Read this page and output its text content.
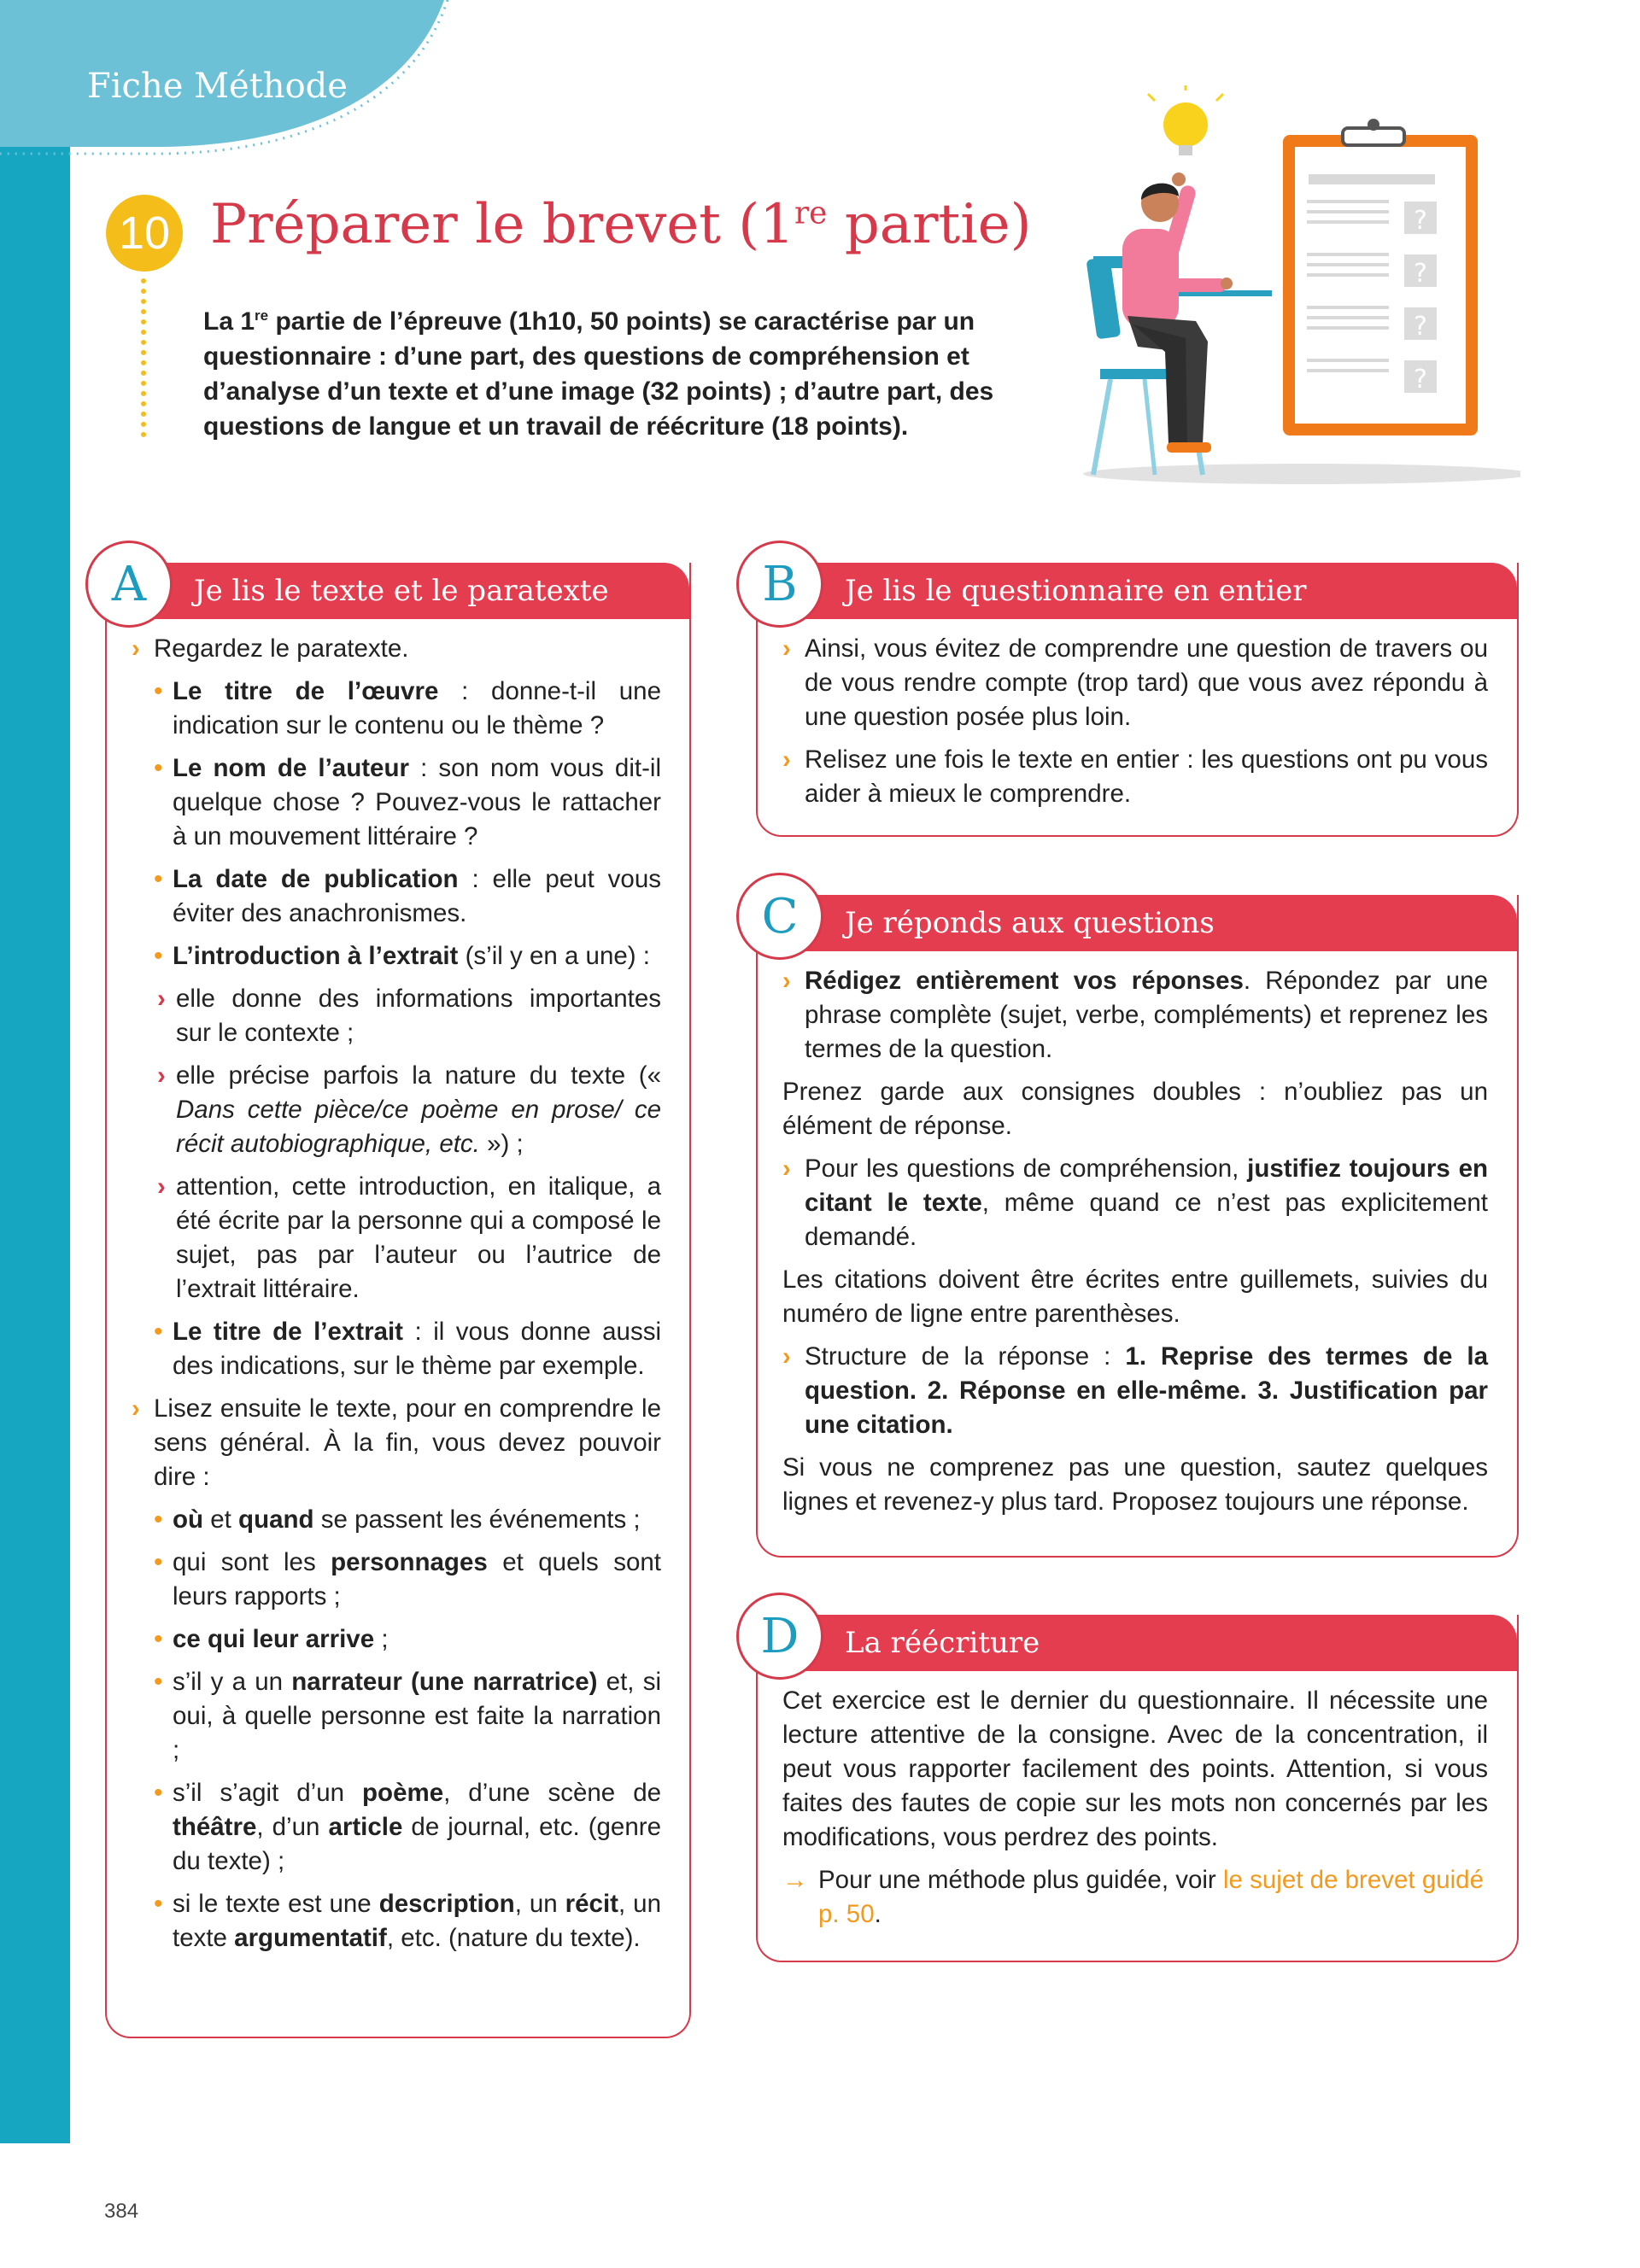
Fiche Méthode
10 Préparer le brevet (1re partie)
La 1re partie de l’épreuve (1h10, 50 points) se caractérise par un questionnaire : d’une part, des questions de compréhension et d’analyse d’un texte et d’une image (32 points) ; d’autre part, des questions de langue et un travail de réécriture (18 points).
?
?
?
?
Je lis le texte et le paratexte
A
› Regardez le paratexte.
• Le titre de l’œuvre : donne-t-il une indication sur le contenu ou le thème ?
• Le nom de l’auteur : son nom vous dit-il quelque chose ? Pouvez-vous le rattacher à un mouvement littéraire ?
• La date de publication : elle peut vous éviter des anachronismes.
• L’introduction à l’extrait (s’il y en a une) :
› elle donne des informations importantes sur le contexte ;
› elle précise parfois la nature du texte (« Dans cette pièce/ce poème en prose/ ce récit autobiographique, etc. ») ;
› attention, cette introduction, en italique, a été écrite par la personne qui a composé le sujet, pas par l’auteur ou l’autrice de l’extrait littéraire.
• Le titre de l’extrait : il vous donne aussi des indications, sur le thème par exemple.
› Lisez ensuite le texte, pour en comprendre le sens général. À la fin, vous devez pouvoir dire :
• où et quand se passent les événements ;
• qui sont les personnages et quels sont leurs rapports ;
• ce qui leur arrive ;
• s’il y a un narrateur (une narratrice) et, si oui, à quelle personne est faite la narration ;
• s’il s’agit d’un poème, d’une scène de théâtre, d’un article de journal, etc. (genre du texte) ;
• si le texte est une description, un récit, un texte argumentatif, etc. (nature du texte).
Je lis le questionnaire en entier
B
› Ainsi, vous évitez de comprendre une question de travers ou de vous rendre compte (trop tard) que vous avez répondu à une question posée plus loin.
› Relisez une fois le texte en entier : les questions ont pu vous aider à mieux le comprendre.
Je réponds aux questions
C
› Rédigez entièrement vos réponses. Répondez par une phrase complète (sujet, verbe, compléments) et reprenez les termes de la question.

Prenez garde aux consignes doubles : n’oubliez pas un élément de réponse.

› Pour les questions de compréhension, justifiez toujours en citant le texte, même quand ce n’est pas explicitement demandé.

Les citations doivent être écrites entre guillemets, suivies du numéro de ligne entre parenthèses.

› Structure de la réponse : 1. Reprise des termes de la question. 2. Réponse en elle-même. 3. Justification par une citation.

Si vous ne comprenez pas une question, sautez quelques lignes et revenez-y plus tard. Proposez toujours une réponse.

La réécriture
D

Cet exercice est le dernier du questionnaire. Il nécessite une lecture attentive de la consigne. Avec de la concentration, il peut vous rapporter facilement des points. Attention, si vous faites des fautes de copie sur les mots non concernés par les modifications, vous perdrez des points.

→ Pour une méthode plus guidée, voir le sujet de brevet guidé p. 50.
384
